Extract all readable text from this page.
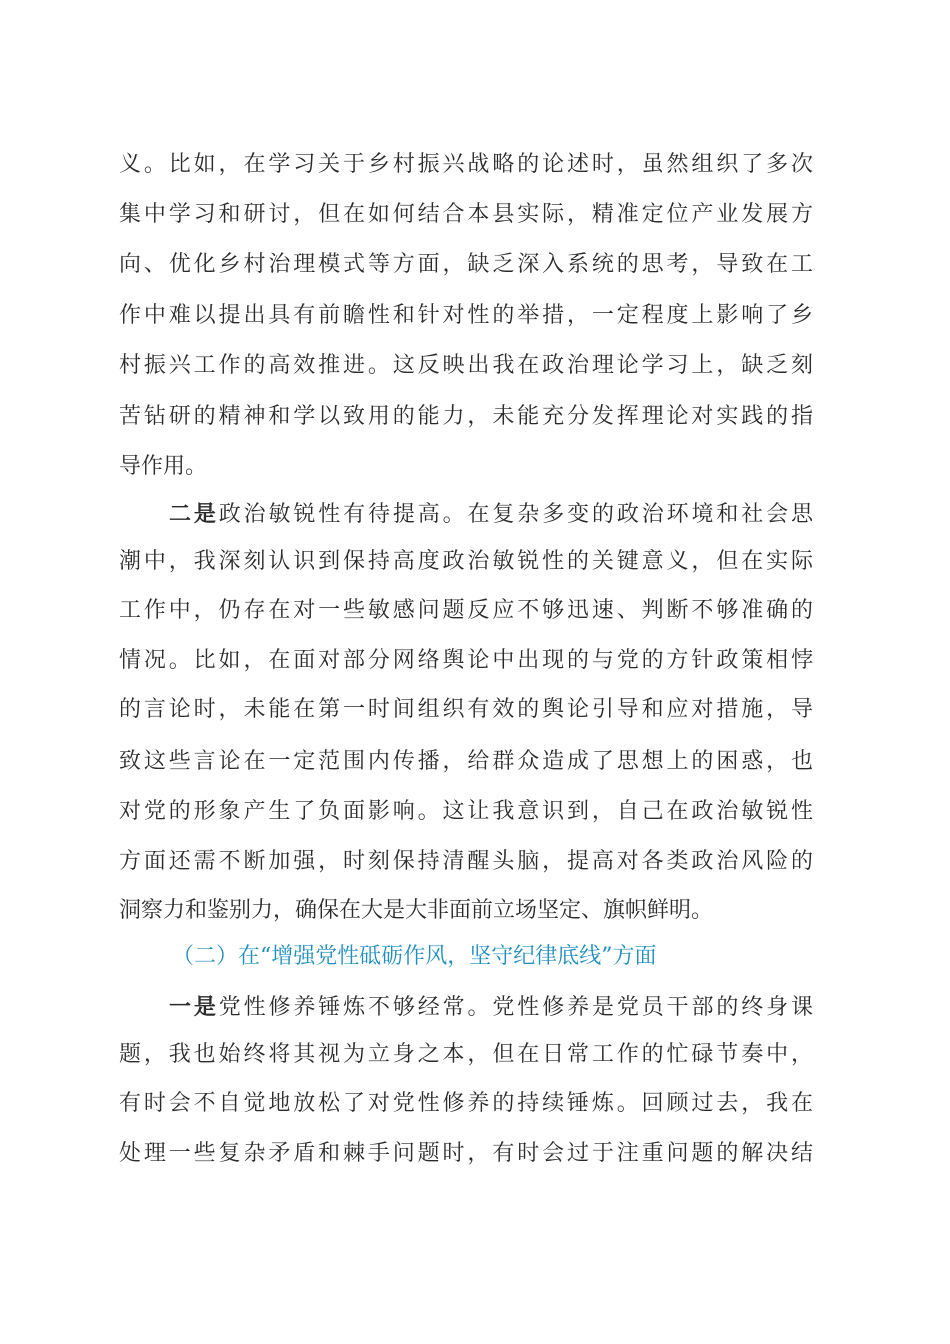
义。比如，在学习关于乡村振兴战略的论述时，虽然组织了多次
集中学习和研讨，但在如何结合本县实际，精准定位产业发展方
向、优化乡村治理模式等方面，缺乏深入系统的思考，导致在工
作中难以提出具有前瞻性和针对性的举措，一定程度上影响了乡
村振兴工作的高效推进。这反映出我在政治理论学习上，缺乏刻
苦钻研的精神和学以致用的能力，未能充分发挥理论对实践的指
导作用。
二是政治敏锐性有待提高。在复杂多变的政治环境和社会思
潮中，我深刻认识到保持高度政治敏锐性的关键意义，但在实际
工作中，仍存在对一些敏感问题反应不够迅速、判断不够准确的
情况。比如，在面对部分网络舆论中出现的与党的方针政策相悖
的言论时，未能在第一时间组织有效的舆论引导和应对措施，导
致这些言论在一定范围内传播，给群众造成了思想上的困惑，也
对党的形象产生了负面影响。这让我意识到，自己在政治敏锐性
方面还需不断加强，时刻保持清醒头脑，提高对各类政治风险的
洞察力和鉴别力，确保在大是大非面前立场坚定、旗帜鲜明。
（二）在“增强党性砥砺作风，坚守纪律底线”方面
一是党性修养锤炼不够经常。党性修养是党员干部的终身课
题，我也始终将其视为立身之本，但在日常工作的忙碌节奏中，
有时会不自觉地放松了对党性修养的持续锤炼。回顾过去，我在
处理一些复杂矛盾和棘手问题时，有时会过于注重问题的解决结
